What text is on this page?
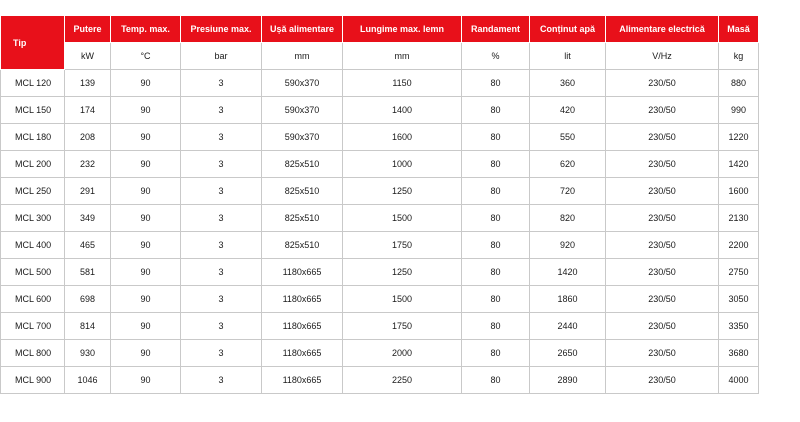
Tip	Putere	Temp. max.	Presiune max.	Ușă alimentare	Lungime max. lemn	Randament	Conținut apă	Alimentare electrică	Masă
	kW	°C	bar	mm	mm	%	lit	V/Hz	kg
MCL 120	139	90	3	590x370	1150	80	360	230/50	880
MCL 150	174	90	3	590x370	1400	80	420	230/50	990
MCL 180	208	90	3	590x370	1600	80	550	230/50	1220
MCL 200	232	90	3	825x510	1000	80	620	230/50	1420
MCL 250	291	90	3	825x510	1250	80	720	230/50	1600
MCL 300	349	90	3	825x510	1500	80	820	230/50	2130
MCL 400	465	90	3	825x510	1750	80	920	230/50	2200
MCL 500	581	90	3	1180x665	1250	80	1420	230/50	2750
MCL 600	698	90	3	1180x665	1500	80	1860	230/50	3050
MCL 700	814	90	3	1180x665	1750	80	2440	230/50	3350
MCL 800	930	90	3	1180x665	2000	80	2650	230/50	3680
MCL 900	1046	90	3	1180x665	2250	80	2890	230/50	4000
